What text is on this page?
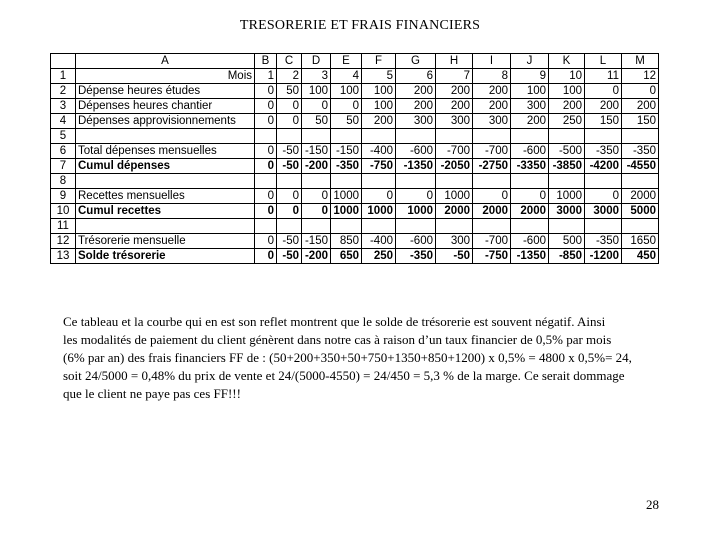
TRESORERIE ET FRAIS FINANCIERS
	A	B	C	D	E	F	G	H	I	J	K	L	M
1	Mois	1	2	3	4	5	6	7	8	9	10	11	12
2	Dépense heures études	0	50	100	100	100	200	200	200	100	100	0	0
3	Dépenses heures chantier	0	0	0	0	100	200	200	200	300	200	200	200
4	Dépenses approvisionnements	0	0	50	50	200	300	300	300	200	250	150	150
5													
6	Total dépenses mensuelles	0	-50	-150	-150	-400	-600	-700	-700	-600	-500	-350	-350
7	Cumul dépenses	0	-50	-200	-350	-750	-1350	-2050	-2750	-3350	-3850	-4200	-4550
8													
9	Recettes mensuelles	0	0	0	1000	0	0	1000	0	0	1000	0	2000
10	Cumul recettes	0	0	0	1000	1000	1000	2000	2000	2000	3000	3000	5000
11													
12	Trésorerie mensuelle	0	-50	-150	850	-400	-600	300	-700	-600	500	-350	1650
13	Solde trésorerie	0	-50	-200	650	250	-350	-50	-750	-1350	-850	-1200	450
Ce tableau et la courbe qui en est son reflet montrent que le solde de trésorerie est souvent négatif. Ainsi
les modalités de paiement du client génèrent dans notre cas à raison d’un taux financier de 0,5% par mois
(6% par an) des frais financiers FF de : (50+200+350+50+750+1350+850+1200) x 0,5% = 4800 x 0,5%= 24,
soit 24/5000 = 0,48% du prix de vente et 24/(5000-4550) = 24/450 = 5,3 % de la marge. Ce serait dommage
que le client ne paye pas ces FF!!!
28
